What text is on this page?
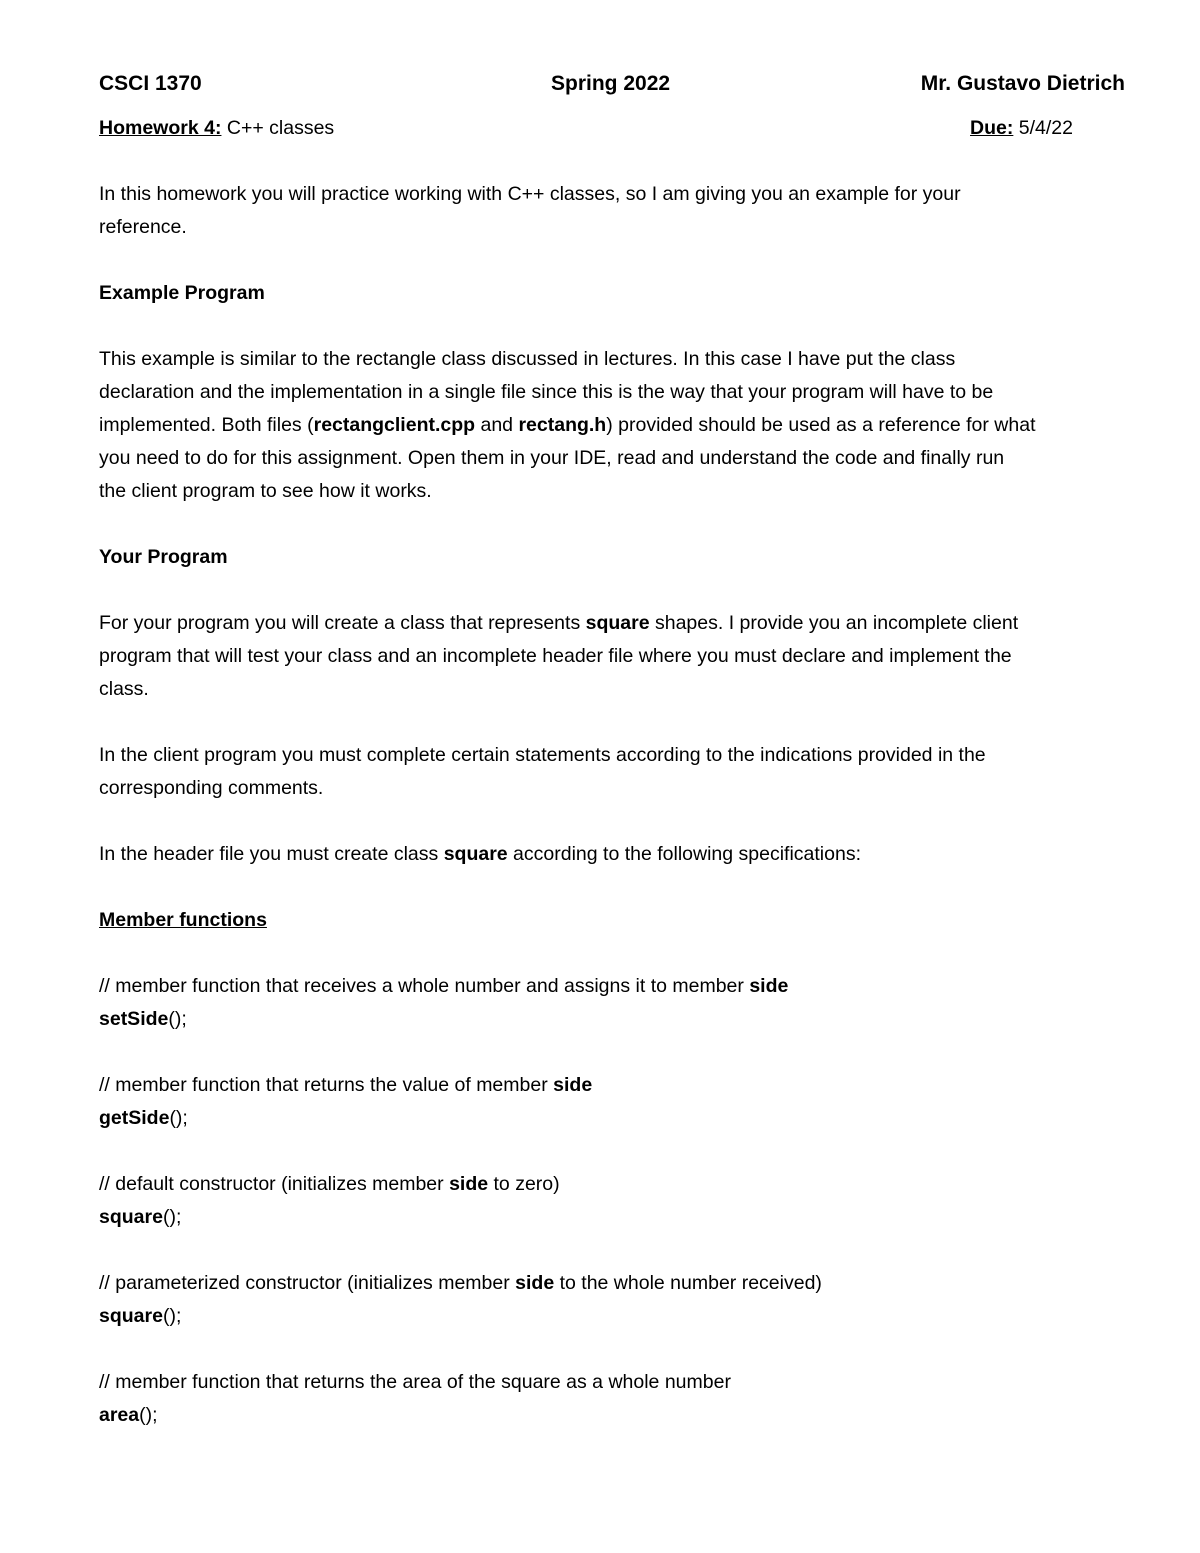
CSCI 1370	Spring 2022	Mr. Gustavo Dietrich
Homework 4: C++ classes	Due: 5/4/22
In this homework you will practice working with C++ classes, so I am giving you an example for your
reference.
Example Program
This example is similar to the rectangle class discussed in lectures. In this case I have put the class
declaration and the implementation in a single file since this is the way that your program will have to be
implemented. Both files (rectangclient.cpp and rectang.h) provided should be used as a reference for what
you need to do for this assignment. Open them in your IDE, read and understand the code and finally run
the client program to see how it works.
Your Program
For your program you will create a class that represents square shapes. I provide you an incomplete client
program that will test your class and an incomplete header file where you must declare and implement the
class.
In the client program you must complete certain statements according to the indications provided in the
corresponding comments.
In the header file you must create class square according to the following specifications:
Member functions
// member function that receives a whole number and assigns it to member side
setSide();
// member function that returns the value of member side
getSide();
// default constructor (initializes member side to zero)
square();
// parameterized constructor (initializes member side to the whole number received)
square();
// member function that returns the area of the square as a whole number
area();
